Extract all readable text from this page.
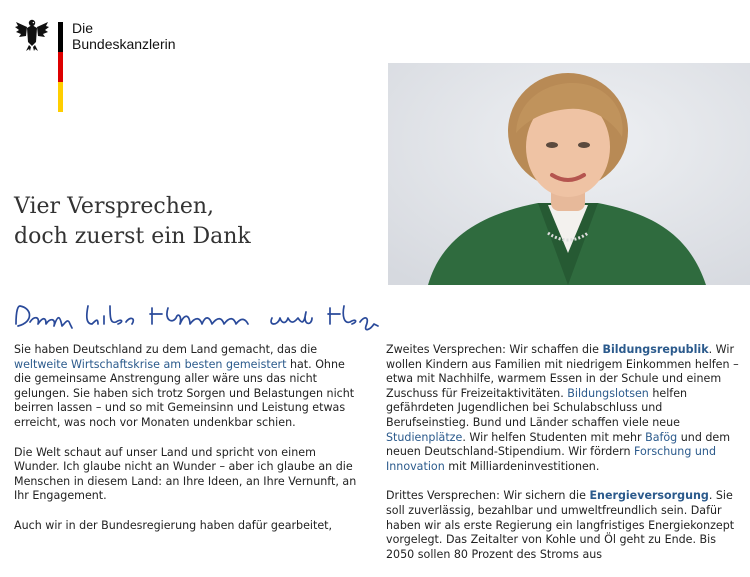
Die
Bundeskanzlerin
Vier Versprechen,
doch zuerst ein Dank

Sie haben Deutschland zu dem Land gemacht, das die weltweite Wirtschaftskrise am besten gemeistert hat. Ohne die gemeinsame Anstrengung aller wäre uns das nicht gelungen. Sie haben sich trotz Sorgen und Belastungen nicht beirren lassen – und so mit Gemeinsinn und Leistung etwas erreicht, was noch vor Monaten undenkbar schien.

Die Welt schaut auf unser Land und spricht von einem Wunder. Ich glaube nicht an Wunder – aber ich glaube an die Menschen in diesem Land: an Ihre Ideen, an Ihre Vernunft, an Ihr Engagement.

Auch wir in der Bundesregierung haben dafür gearbeitet,

Zweites Versprechen: Wir schaffen die Bildungsrepublik. Wir wollen Kindern aus Familien mit niedrigem Einkommen helfen – etwa mit Nachhilfe, warmem Essen in der Schule und einem Zuschuss für Freizeitaktivitäten. Bildungslotsen helfen gefährdeten Jugendlichen bei Schulabschluss und Berufseinstieg. Bund und Länder schaffen viele neue Studienplätze. Wir helfen Studenten mit mehr Bafög und dem neuen Deutschland-Stipendium. Wir fördern Forschung und Innovation mit Milliardeninvestitionen.

Drittes Versprechen: Wir sichern die Energieversorgung. Sie soll zuverlässig, bezahlbar und umweltfreundlich sein. Dafür haben wir als erste Regierung ein langfristiges Energiekonzept vorgelegt. Das Zeitalter von Kohle und Öl geht zu Ende. Bis 2050 sollen 80 Prozent des Stroms aus
